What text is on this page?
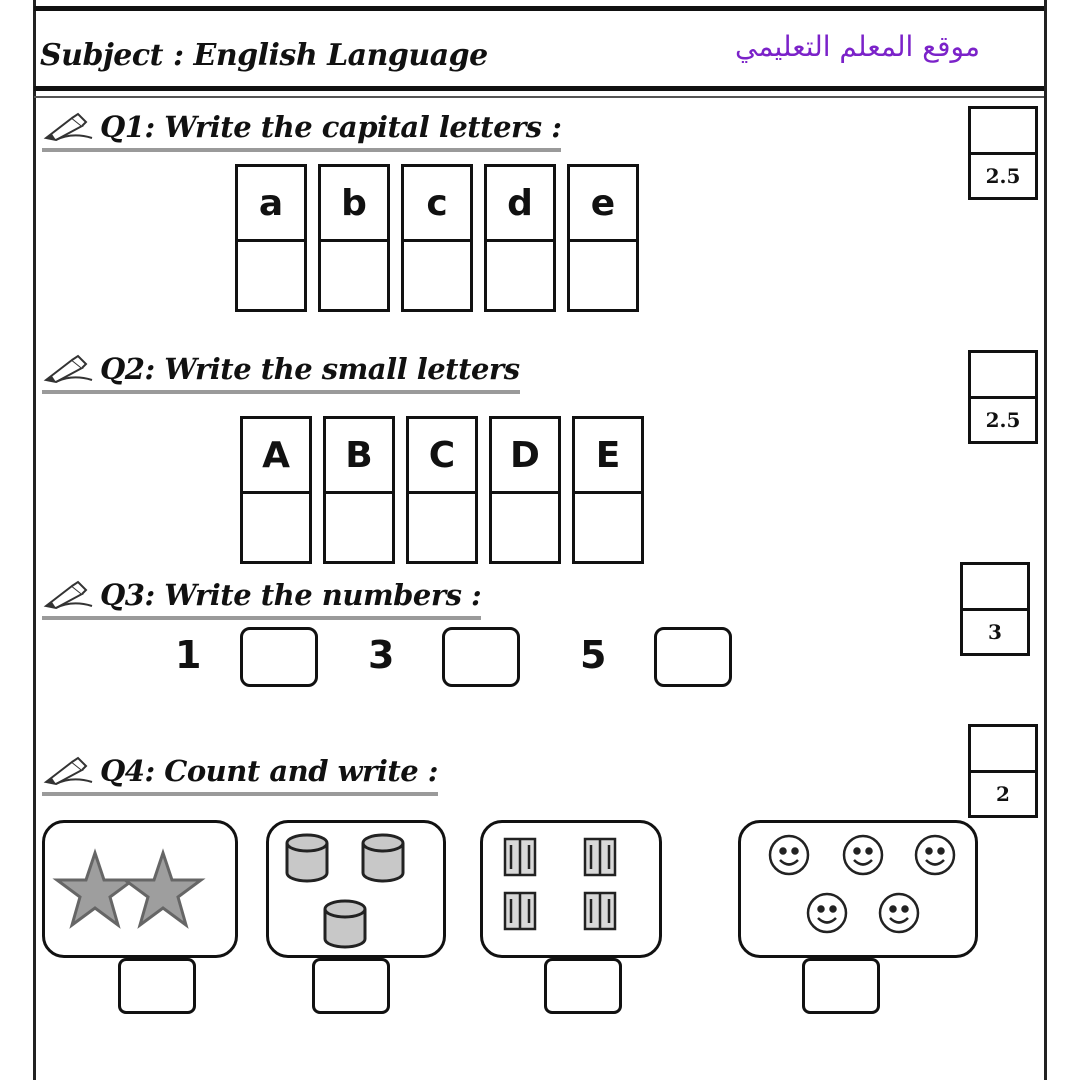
Subject : English Language	موقع المعلم التعليمي
Q1: Write the capital letters :
2.5
a	b	c	d	e
Q2: Write the small letters
2.5
A	B	C	D	E
Q3: Write the numbers :
3
1	3	5
Q4: Count and write :
2
